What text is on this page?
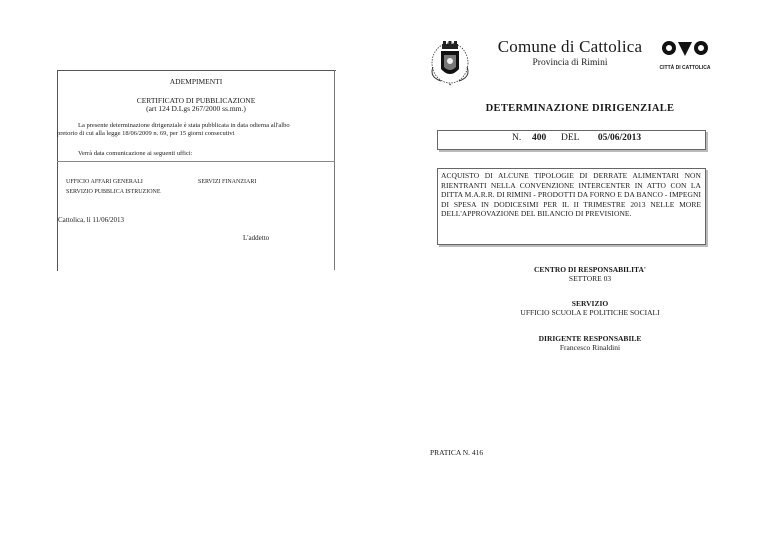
ADEMPIMENTI
CERTIFICATO DI PUBBLICAZIONE
(art 124 D.Lgs 267/2000 ss.mm.)
La presente determinazione dirigenziale è stata pubblicata in data odierna all'albo
pretorio di cui alla legge 18/06/2009 n. 69, per 15 giorni consecutivi
Verrà data comunicazione ai seguenti uffici:
UFFICIO AFFARI GENERALI	SERVIZI FINANZIARI
SERVIZIO PUBBLICA ISTRUZIONE
Cattolica, lì 11/06/2013
L'addetto
✦
Comune di Cattolica
Provincia di Rimini	CITTÀ DI CATTOLICA
DETERMINAZIONE DIRIGENZIALE
N. 400 DEL 05/06/2013
ACQUISTO DI ALCUNE TIPOLOGIE DI DERRATE ALIMENTARI NON RIENTRANTI NELLA CONVENZIONE INTERCENTER IN ATTO CON LA DITTA M.A.R.R. DI RIMINI - PRODOTTI DA FORNO E DA BANCO - IMPEGNI DI SPESA IN DODICESIMI PER IL II TRIMESTRE 2013 NELLE MORE DELL'APPROVAZIONE DEL BILANCIO DI PREVISIONE.
CENTRO DI RESPONSABILITA'
SETTORE 03
SERVIZIO
UFFICIO SCUOLA E POLITICHE SOCIALI
DIRIGENTE RESPONSABILE
Francesco Rinaldini
PRATICA N. 416
